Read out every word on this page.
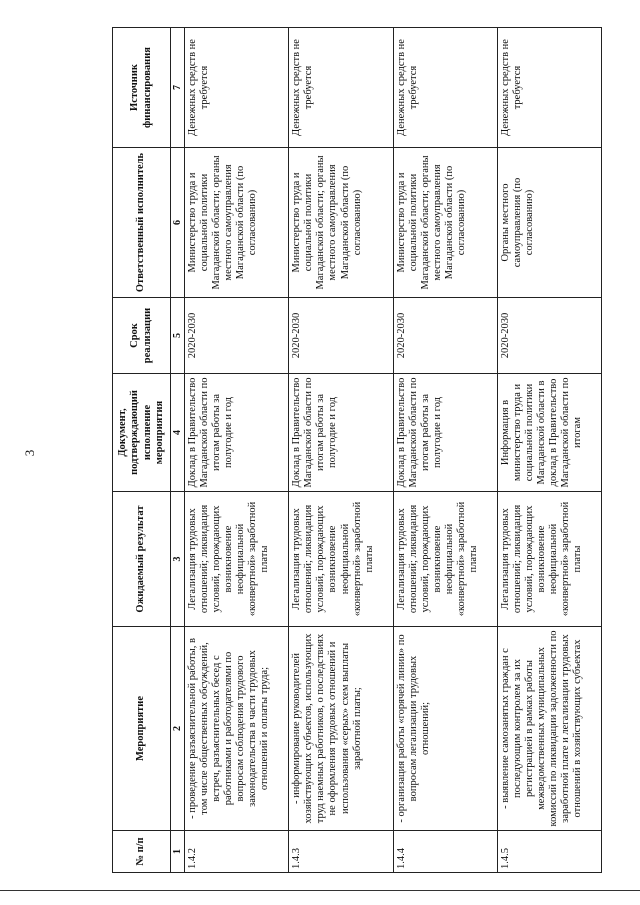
3
№ п/п	Мероприятие	Ожидаемый результат	Документ, подтверждающий исполнение мероприятия	Срок реализации	Ответственный исполнитель	Источник финансирования
1	2	3	4	5	6	7
1.4.2	- проведение разъяснительной работы, в том числе общественных обсуждений, встреч, разъяснительных бесед с работниками и работодателями по вопросам соблюдения трудового законодательства в части трудовых отношений и оплаты труда;	Легализация трудовых отношений; ликвидация условий, порождающих возникновение неофициальной «конвертной» заработной платы	Доклад в Правительство Магаданской области по итогам работы за полугодие и год	2020-2030	Министерство труда и социальной политики Магаданской области; органы местного самоуправления Магаданской области (по согласованию)	Денежных средств не требуется
1.4.3	- информирование руководителей хозяйствующих субъектов, использующих труд наемных работников, о последствиях не оформления трудовых отношений и использования «серых» схем выплаты заработной платы;	Легализация трудовых отношений; ликвидация условий, порождающих возникновение неофициальной «конвертной» заработной платы	Доклад в Правительство Магаданской области по итогам работы за полугодие и год	2020-2030	Министерство труда и социальной политики Магаданской области; органы местного самоуправления Магаданской области (по согласованию)	Денежных средств не требуется
1.4.4	- организация работы «горячей линии» по вопросам легализации трудовых отношений;	Легализация трудовых отношений; ликвидация условий, порождающих возникновение неофициальной «конвертной» заработной платы	Доклад в Правительство Магаданской области по итогам работы за полугодие и год	2020-2030	Министерство труда и социальной политики Магаданской области; органы местного самоуправления Магаданской области (по согласованию)	Денежных средств не требуется
1.4.5	- выявление самозанятых граждан с последующим контролем за их регистрацией в рамках работы межведомственных муниципальных комиссий по ликвидации задолженности по заработной плате и легализации трудовых отношений в хозяйствующих субъектах	Легализация трудовых отношений; ликвидация условий, порождающих возникновение неофициальной «конвертной» заработной платы	Информация в министерство труда и социальной политики Магаданской области в доклад в Правительство Магаданской области по итогам	2020-2030	Органы местного самоуправления (по согласованию)	Денежных средств не требуется
